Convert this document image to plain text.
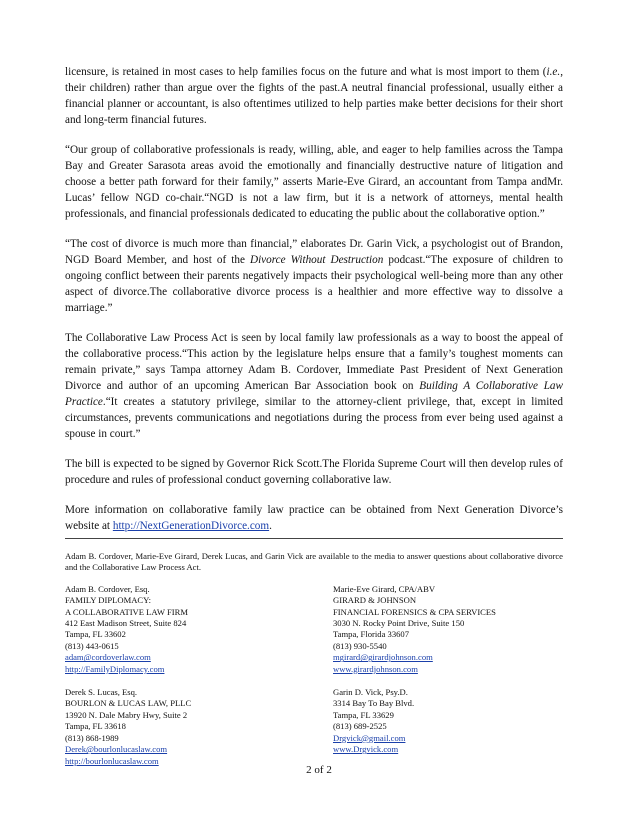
licensure, is retained in most cases to help families focus on the future and what is most import to them (i.e., their children) rather than argue over the fights of the past.A neutral financial professional, usually either a financial planner or accountant, is also oftentimes utilized to help parties make better decisions for their short and long-term financial futures.

“Our group of collaborative professionals is ready, willing, able, and eager to help families across the Tampa Bay and Greater Sarasota areas avoid the emotionally and financially destructive nature of litigation and choose a better path forward for their family,” asserts Marie-Eve Girard, an accountant from Tampa andMr. Lucas’ fellow NGD co-chair.“NGD is not a law firm, but it is a network of attorneys, mental health professionals, and financial professionals dedicated to educating the public about the collaborative option.”

“The cost of divorce is much more than financial,” elaborates Dr. Garin Vick, a psychologist out of Brandon, NGD Board Member, and host of the Divorce Without Destruction podcast.“The exposure of children to ongoing conflict between their parents negatively impacts their psychological well-being more than any other aspect of divorce.The collaborative divorce process is a healthier and more effective way to dissolve a marriage.”

The Collaborative Law Process Act is seen by local family law professionals as a way to boost the appeal of the collaborative process.“This action by the legislature helps ensure that a family’s toughest moments can remain private,” says Tampa attorney Adam B. Cordover, Immediate Past President of Next Generation Divorce and author of an upcoming American Bar Association book on Building A Collaborative Law Practice.“It creates a statutory privilege, similar to the attorney-client privilege, that, except in limited circumstances, prevents communications and negotiations during the process from ever being used against a spouse in court.”

The bill is expected to be signed by Governor Rick Scott.The Florida Supreme Court will then develop rules of procedure and rules of professional conduct governing collaborative law.

More information on collaborative family law practice can be obtained from Next Generation Divorce’s website at http://NextGenerationDivorce.com.

Adam B. Cordover, Marie-Eve Girard, Derek Lucas, and Garin Vick are available to the media to answer questions about collaborative divorce and the Collaborative Law Process Act.
Adam B. Cordover, Esq.
FAMILY DIPLOMACY:
A COLLABORATIVE LAW FIRM
412 East Madison Street, Suite 824
Tampa, FL 33602
(813) 443-0615
adam@cordoverlaw.com
http://FamilyDiplomacy.com
Marie-Eve Girard, CPA/ABV
GIRARD & JOHNSON
FINANCIAL FORENSICS & CPA SERVICES
3030 N. Rocky Point Drive, Suite 150
Tampa, Florida 33607
(813) 930-5540
mgirard@girardjohnson.com
www.girardjohnson.com
Derek S. Lucas, Esq.
BOURLON & LUCAS LAW, PLLC
13920 N. Dale Mabry Hwy, Suite 2
Tampa, FL 33618
(813) 868-1989
Derek@bourlonlucaslaw.com
http://bourlonlucaslaw.com
Garin D. Vick, Psy.D.
3314 Bay To Bay Blvd.
Tampa, FL 33629
(813) 689-2525
Drgvick@gmail.com
www.Drgvick.com
2 of 2
